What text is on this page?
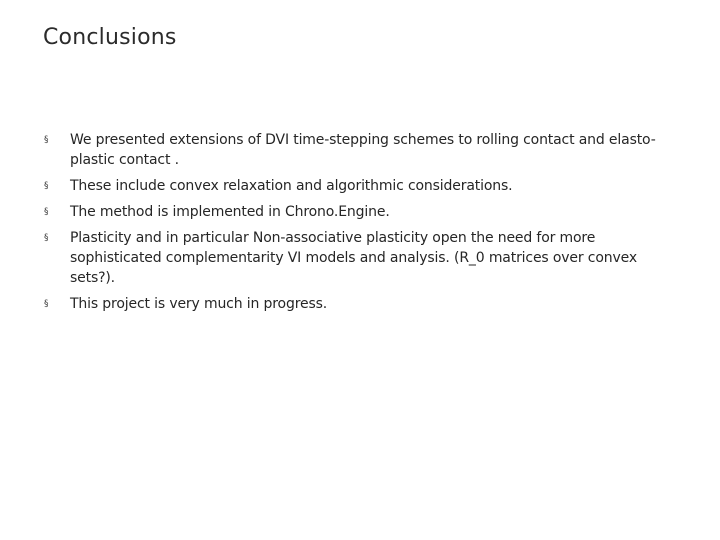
Conclusions
§	We presented extensions of DVI time-stepping schemes to rolling contact and elasto-plastic contact .
§	These include convex relaxation and algorithmic considerations.
§	The method is implemented in Chrono.Engine.
§	Plasticity and in particular Non-associative plasticity open the need for more sophisticated complementarity VI models and analysis. (R_0 matrices over convex sets?).
§	This project is very much in progress.
